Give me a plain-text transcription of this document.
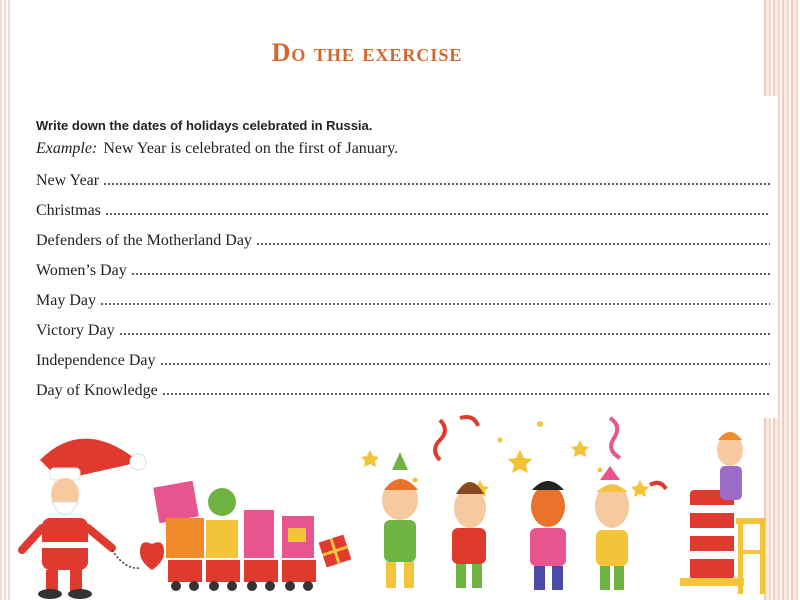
Do the exercise
Write down the dates of holidays celebrated in Russia.
Example: New Year is celebrated on the first of January.
New Year
Christmas
Defenders of the Motherland Day
Women’s Day
May Day
Victory Day
Independence Day
Day of Knowledge
